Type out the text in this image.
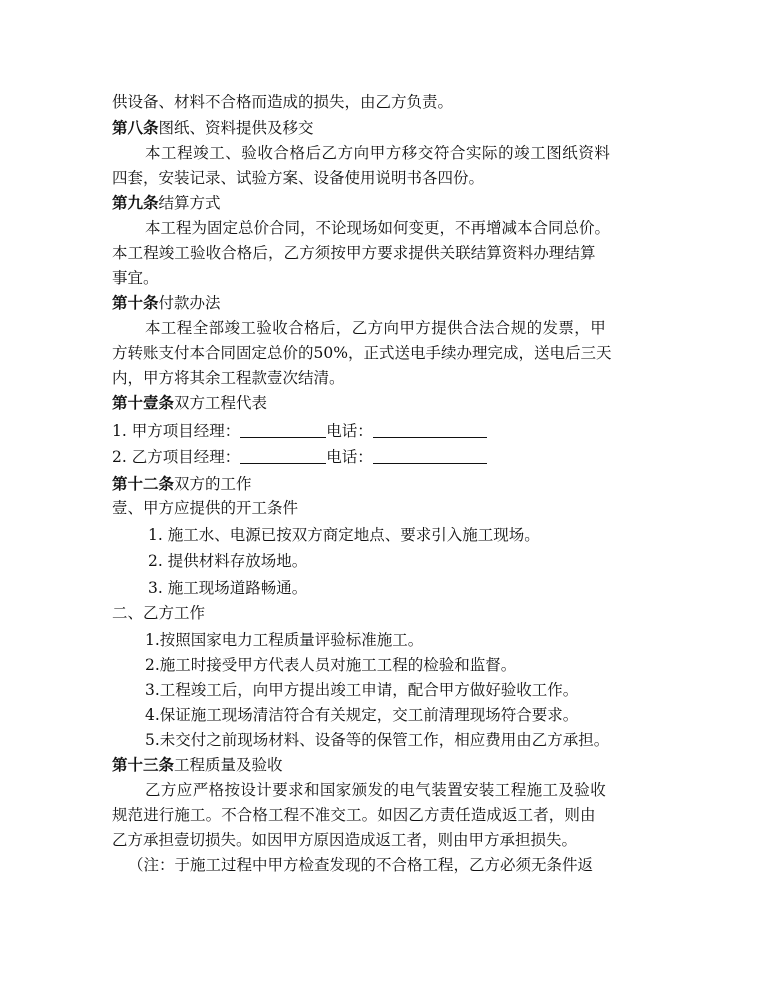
供设备、材料不合格而造成的损失，由乙方负责。
第八条图纸、资料提供及移交
本工程竣工、验收合格后乙方向甲方移交符合实际的竣工图纸资料
四套，安装记录、试验方案、设备使用说明书各四份。
第九条结算方式
本工程为固定总价合同，不论现场如何变更，不再增减本合同总价。
本工程竣工验收合格后，乙方须按甲方要求提供关联结算资料办理结算
事宜。
第十条付款办法
本工程全部竣工验收合格后，乙方向甲方提供合法合规的发票，甲
方转账支付本合同固定总价的50%，正式送电手续办理完成，送电后三天
内，甲方将其余工程款壹次结清。
第十壹条双方工程代表
1. 甲方项目经理：	电话：
2. 乙方项目经理：	电话：
第十二条双方的工作
壹、甲方应提供的开工条件
1. 施工水、电源已按双方商定地点、要求引入施工现场。
2. 提供材料存放场地。
3. 施工现场道路畅通。
二、乙方工作
1.按照国家电力工程质量评验标准施工。
2.施工时接受甲方代表人员对施工工程的检验和监督。
3.工程竣工后，向甲方提出竣工申请，配合甲方做好验收工作。
4.保证施工现场清洁符合有关规定，交工前清理现场符合要求。
5.未交付之前现场材料、设备等的保管工作，相应费用由乙方承担。
第十三条工程质量及验收
乙方应严格按设计要求和国家颁发的电气装置安装工程施工及验收
规范进行施工。不合格工程不准交工。如因乙方责任造成返工者，则由
乙方承担壹切损失。如因甲方原因造成返工者，则由甲方承担损失。
（注：于施工过程中甲方检查发现的不合格工程，乙方必须无条件返
